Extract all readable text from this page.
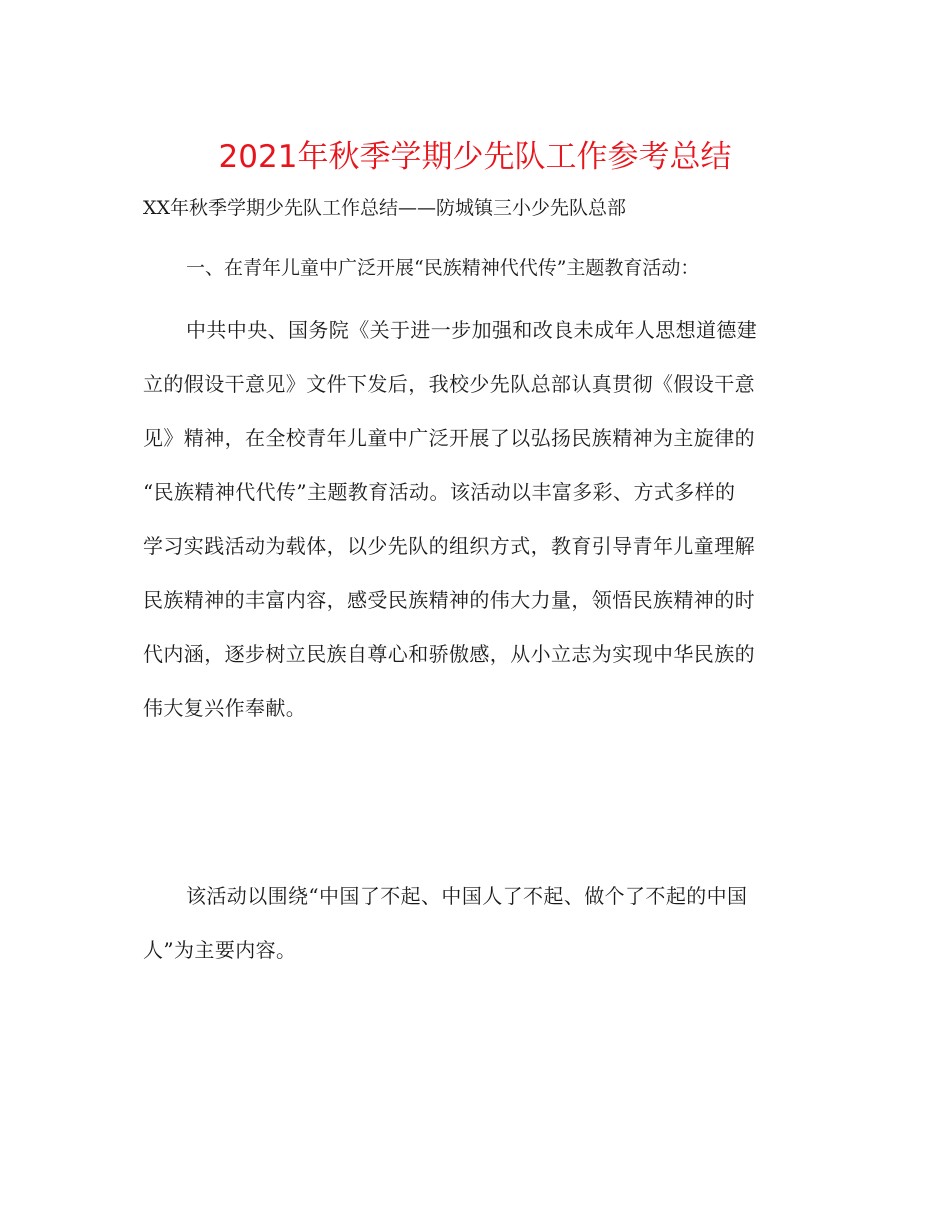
2021年秋季学期少先队工作参考总结

XX年秋季学期少先队工作总结——防城镇三小少先队总部

一、在青年儿童中广泛开展“民族精神代代传”主题教育活动：

中共中央、国务院《关于进一步加强和改良未成年人思想道德建
立的假设干意见》文件下发后，我校少先队总部认真贯彻《假设干意
见》精神，在全校青年儿童中广泛开展了以弘扬民族精神为主旋律的
“民族精神代代传”主题教育活动。该活动以丰富多彩、方式多样的
学习实践活动为载体，以少先队的组织方式，教育引导青年儿童理解
民族精神的丰富内容，感受民族精神的伟大力量，领悟民族精神的时
代内涵，逐步树立民族自尊心和骄傲感，从小立志为实现中华民族的
伟大复兴作奉献。
该活动以围绕“中国了不起、中国人了不起、做个了不起的中国
人”为主要内容。
